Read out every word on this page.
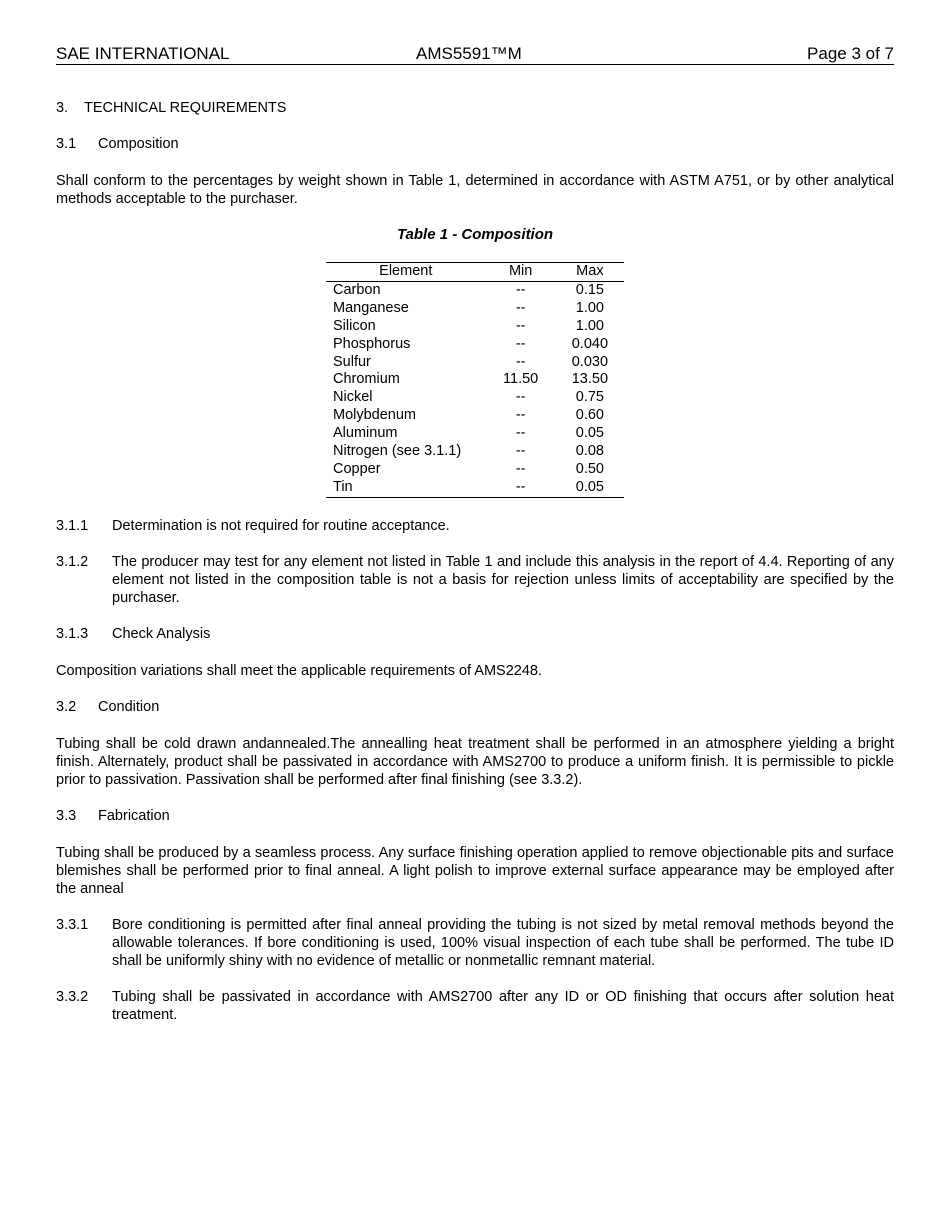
SAE INTERNATIONAL	AMS5591™M	Page 3 of 7
3. TECHNICAL REQUIREMENTS
3.1 Composition

Shall conform to the percentages by weight shown in Table 1, determined in accordance with ASTM A751, or by other analytical methods acceptable to the purchaser.

Table 1 - Composition
Element	Min	Max
Carbon	--	0.15
Manganese	--	1.00
Silicon	--	1.00
Phosphorus	--	0.040
Sulfur	--	0.030
Chromium	11.50	13.50
Nickel	--	0.75
Molybdenum	--	0.60
Aluminum	--	0.05
Nitrogen (see 3.1.1)	--	0.08
Copper	--	0.50
Tin	--	0.05
3.1.1	Determination is not required for routine acceptance.
3.1.2	The producer may test for any element not listed in Table 1 and include this analysis in the report of 4.4. Reporting of any element not listed in the composition table is not a basis for rejection unless limits of acceptability are specified by the purchaser.
3.1.3	Check Analysis

Composition variations shall meet the applicable requirements of AMS2248.

3.2 Condition

Tubing shall be cold drawn andannealed.The annealling heat treatment shall be performed in an atmosphere yielding a bright finish. Alternately, product shall be passivated in accordance with AMS2700 to produce a uniform finish. It is permissible to pickle prior to passivation. Passivation shall be performed after final finishing (see 3.3.2).

3.3 Fabrication

Tubing shall be produced by a seamless process. Any surface finishing operation applied to remove objectionable pits and surface blemishes shall be performed prior to final anneal. A light polish to improve external surface appearance may be employed after the anneal

3.3.1	Bore conditioning is permitted after final anneal providing the tubing is not sized by metal removal methods beyond the allowable tolerances. If bore conditioning is used, 100% visual inspection of each tube shall be performed. The tube ID shall be uniformly shiny with no evidence of metallic or nonmetallic remnant material.
3.3.2	Tubing shall be passivated in accordance with AMS2700 after any ID or OD finishing that occurs after solution heat treatment.
